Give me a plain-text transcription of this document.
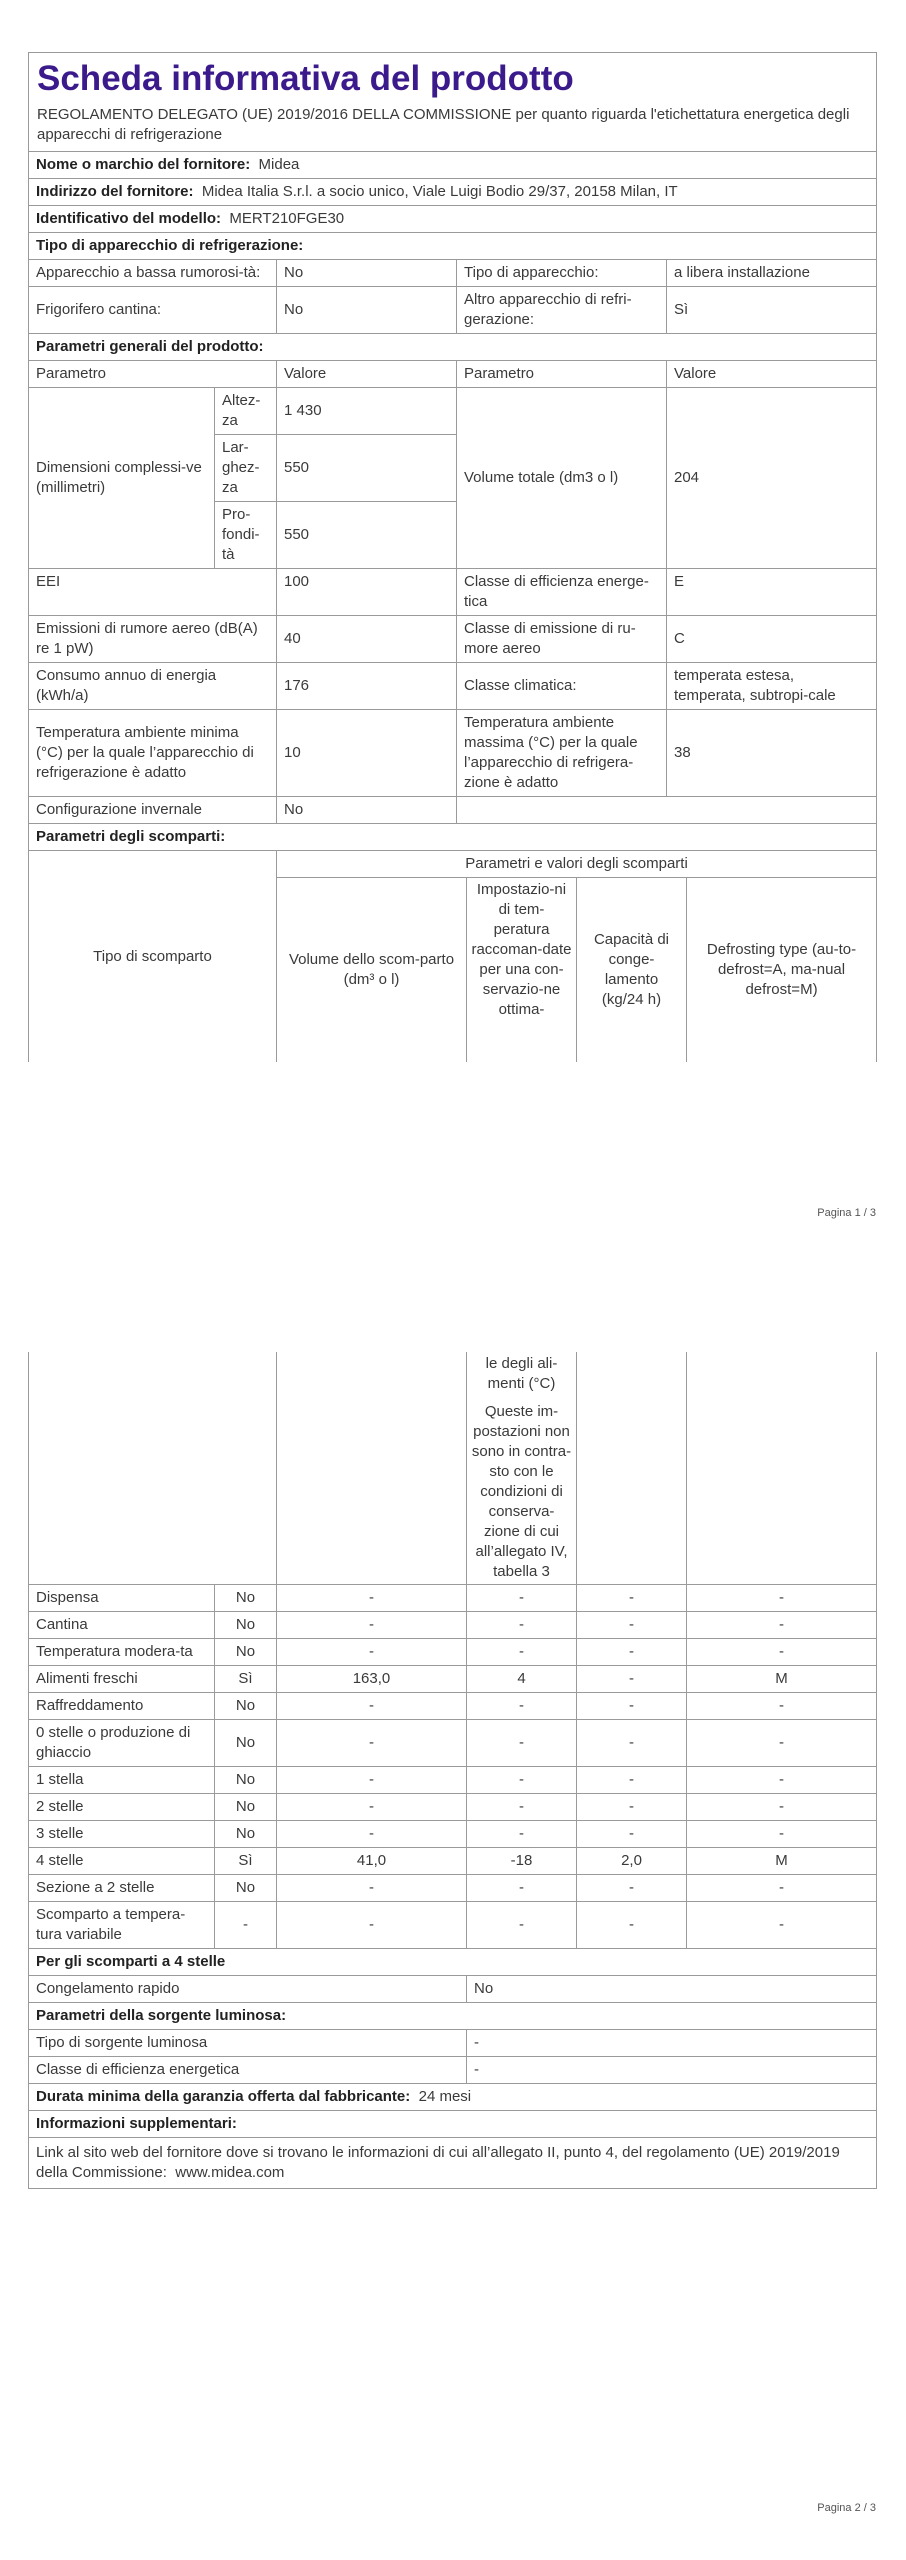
Scheda informativa del prodotto
REGOLAMENTO DELEGATO (UE) 2019/2016 DELLA COMMISSIONE per quanto riguarda l'etichettatura energetica degli apparecchi di refrigerazione				

Nome o marchio del fornitore: Midea				
Indirizzo del fornitore: Midea Italia S.r.l. a socio unico, Viale Luigi Bodio 29/37, 20158 Milan, IT				
Identificativo del modello: MERT210FGE30				
Tipo di apparecchio di refrigerazione:				
Apparecchio a bassa rumorosi-tà:		No	Tipo di apparecchio:	a libera installazione
Frigorifero cantina:		No	Altro apparecchio di refri-gerazione:	Sì
Parametri generali del prodotto:				
Parametro		Valore	Parametro	Valore
Dimensioni complessi-ve (millimetri)	Altez-za	1 430	Volume totale (dm3 o l)	204
	Lar-ghez-za	550		
	Pro-fondi-tà	550		
EEI		100	Classe di efficienza energe-tica	E
Emissioni di rumore aereo (dB(A) re 1 pW)		40	Classe di emissione di ru-more aereo	C
Consumo annuo di energia (kWh/a)		176	Classe climatica:	temperata estesa, temperata, subtropi-cale
Temperatura ambiente minima (°C) per la quale l’apparecchio di refrigerazione è adatto		10	Temperatura ambiente massima (°C) per la quale l’apparecchio di refrigera-zione è adatto	38
Configurazione invernale		No		
Parametri degli scomparti:				
Tipo di scomparto	Parametri e valori degli scomparti			
	Volume dello scom-parto (dm³ o l)	Impostazio-ni di tem-peratura raccoman-date per una con-servazio-ne ottima-	Capacità di conge-lamento (kg/24 h)	Defrosting type (au-to-defrost=A, ma-nual defrost=M)
Pagina 1 / 3

			le degli ali-menti (°C)
Queste im-postazioni non sono in contra-sto con le condizioni di conserva-zione di cui all’allegato IV, tabella 3		

Dispensa	No	-	-	-	-
Cantina	No	-	-	-	-
Temperatura modera-ta	No	-	-	-	-
Alimenti freschi	Sì	163,0	4	-	M
Raffreddamento	No	-	-	-	-
0 stelle o produzione di ghiaccio	No	-	-	-	-
1 stella	No	-	-	-	-
2 stelle	No	-	-	-	-
3 stelle	No	-	-	-	-
4 stelle	Sì	41,0	-18	2,0	M
Sezione a 2 stelle	No	-	-	-	-
Scomparto a tempera-tura variabile	-	-	-	-	-
Per gli scomparti a 4 stelle					
Congelamento rapido			No		
Parametri della sorgente luminosa:					
Tipo di sorgente luminosa			-		
Classe di efficienza energetica			-		
Durata minima della garanzia offerta dal fabbricante: 24 mesi					
Informazioni supplementari:					
Link al sito web del fornitore dove si trovano le informazioni di cui all’allegato II, punto 4, del regolamento (UE) 2019/2019 della Commissione: www.midea.com					
Pagina 2 / 3
